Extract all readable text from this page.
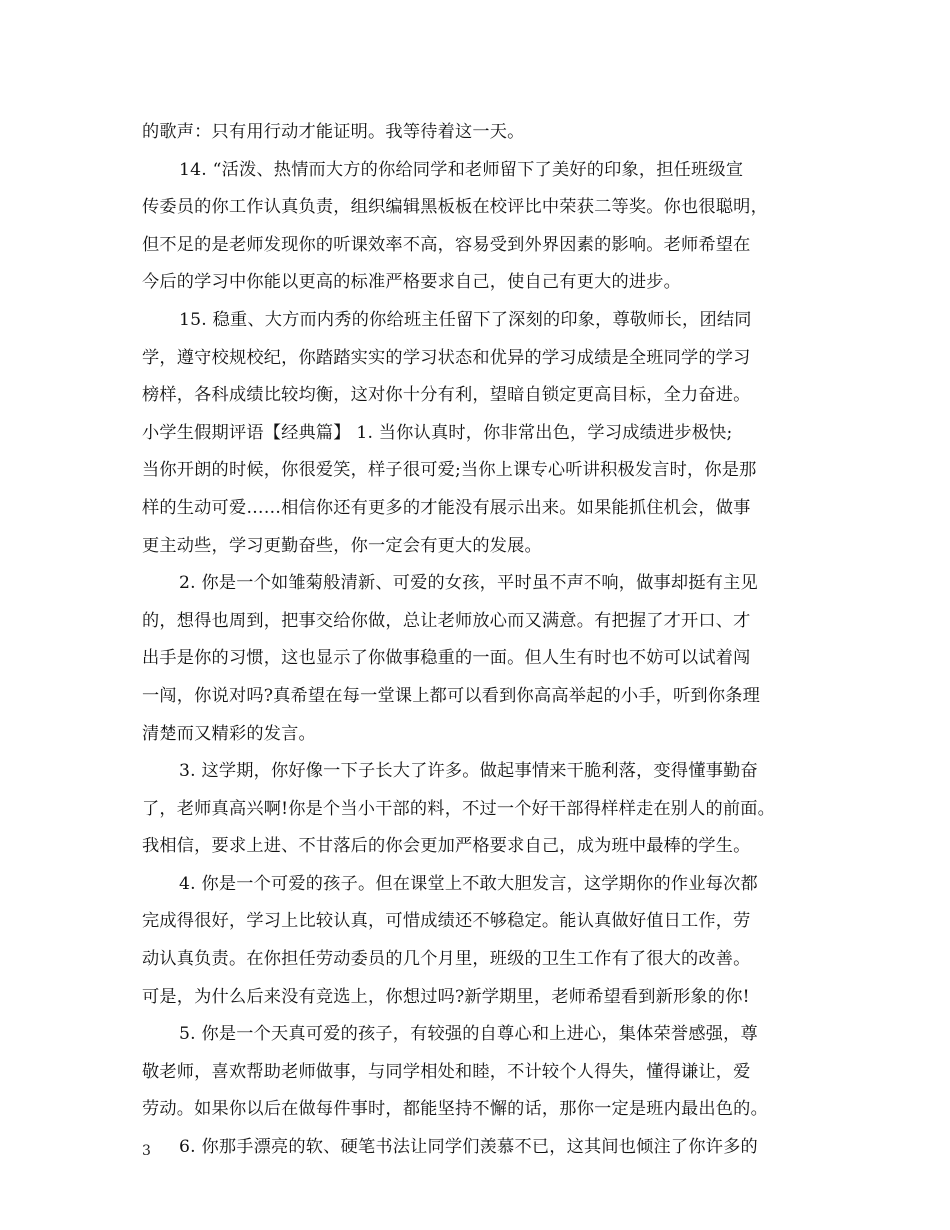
的歌声：只有用行动才能证明。我等待着这一天。
14. “活泼、热情而大方的你给同学和老师留下了美好的印象，担任班级宣
传委员的你工作认真负责，组织编辑黑板板在校评比中荣获二等奖。你也很聪明，
但不足的是老师发现你的听课效率不高，容易受到外界因素的影响。老师希望在
今后的学习中你能以更高的标准严格要求自己，使自己有更大的进步。
15. 稳重、大方而内秀的你给班主任留下了深刻的印象，尊敬师长，团结同
学，遵守校规校纪，你踏踏实实的学习状态和优异的学习成绩是全班同学的学习
榜样，各科成绩比较均衡，这对你十分有利，望暗自锁定更高目标，全力奋进。
小学生假期评语【经典篇】 1. 当你认真时，你非常出色，学习成绩进步极快;
当你开朗的时候，你很爱笑，样子很可爱;当你上课专心听讲积极发言时，你是那
样的生动可爱……相信你还有更多的才能没有展示出来。如果能抓住机会，做事
更主动些，学习更勤奋些，你一定会有更大的发展。
2. 你是一个如雏菊般清新、可爱的女孩，平时虽不声不响，做事却挺有主见
的，想得也周到，把事交给你做，总让老师放心而又满意。有把握了才开口、才
出手是你的习惯，这也显示了你做事稳重的一面。但人生有时也不妨可以试着闯
一闯，你说对吗?真希望在每一堂课上都可以看到你高高举起的小手，听到你条理
清楚而又精彩的发言。
3. 这学期，你好像一下子长大了许多。做起事情来干脆利落，变得懂事勤奋
了，老师真高兴啊!你是个当小干部的料，不过一个好干部得样样走在别人的前面。
我相信，要求上进、不甘落后的你会更加严格要求自己，成为班中最棒的学生。
4. 你是一个可爱的孩子。但在课堂上不敢大胆发言，这学期你的作业每次都
完成得很好，学习上比较认真，可惜成绩还不够稳定。能认真做好值日工作，劳
动认真负责。在你担任劳动委员的几个月里，班级的卫生工作有了很大的改善。
可是，为什么后来没有竞选上，你想过吗?新学期里，老师希望看到新形象的你!
5. 你是一个天真可爱的孩子，有较强的自尊心和上进心，集体荣誉感强，尊
敬老师，喜欢帮助老师做事，与同学相处和睦，不计较个人得失，懂得谦让，爱
劳动。如果你以后在做每件事时，都能坚持不懈的话，那你一定是班内最出色的。
6. 你那手漂亮的软、硬笔书法让同学们羡慕不已，这其间也倾注了你许多的
3
